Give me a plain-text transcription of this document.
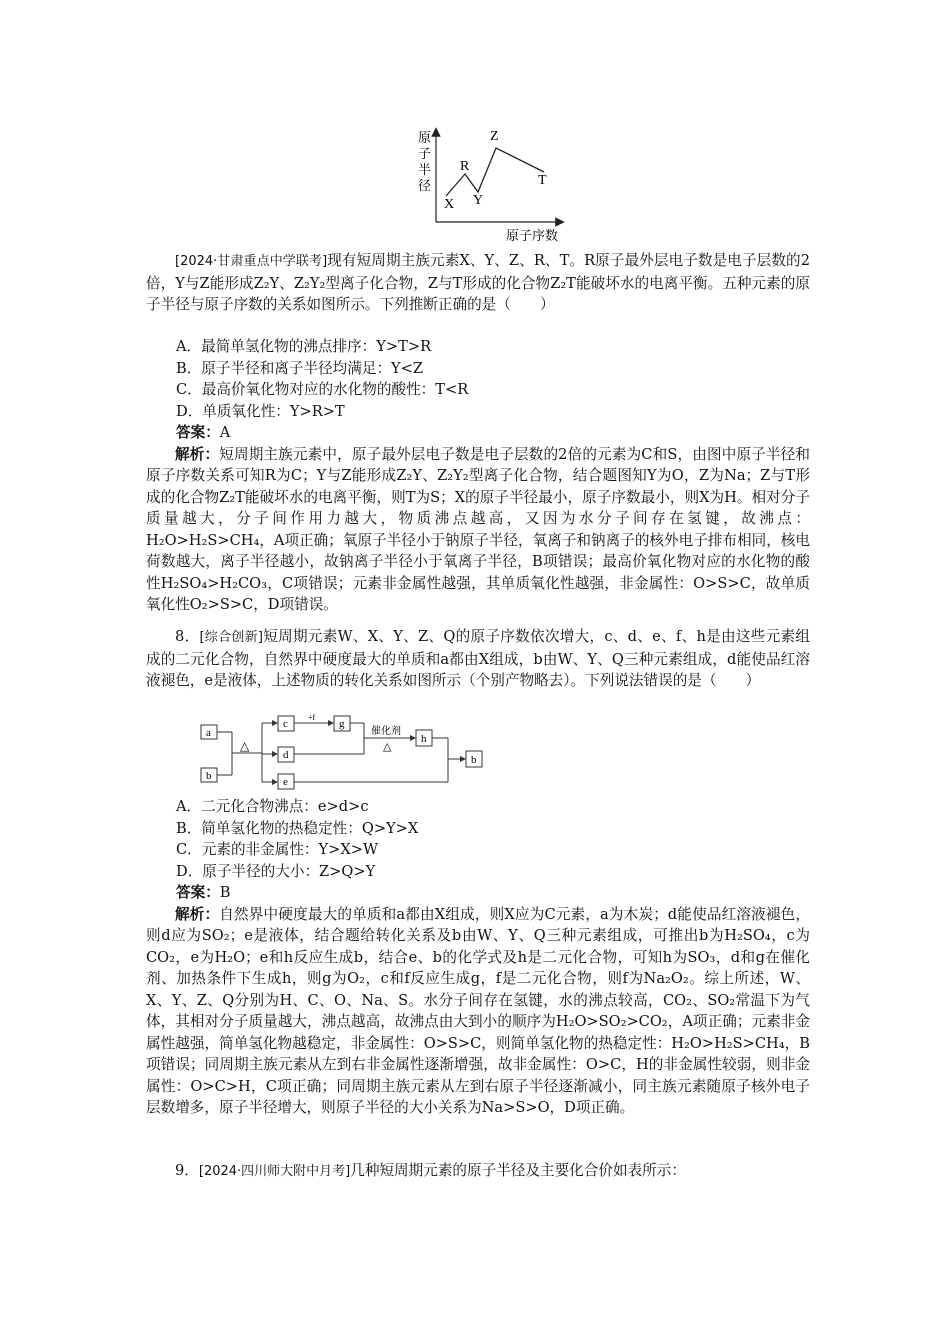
原
子
半
径
X
R
Y
Z
T
原子序数

[2024·甘肃重点中学联考]现有短周期主族元素X、Y、Z、R、T。R原子最外层电子数是电子层数的2倍，Y与Z能形成Z₂Y、Z₂Y₂型离子化合物，Z与T形成的化合物Z₂T能破坏水的电离平衡。五种元素的原子半径与原子序数的关系如图所示。下列推断正确的是（　　）

A．最简单氢化物的沸点排序：Y>T>R

B．原子半径和离子半径均满足：Y<Z

C．最高价氧化物对应的水化物的酸性：T<R

D．单质氧化性：Y>R>T

答案：A

解析：短周期主族元素中，原子最外层电子数是电子层数的2倍的元素为C和S，由图中原子半径和原子序数关系可知R为C；Y与Z能形成Z₂Y、Z₂Y₂型离子化合物，结合题图知Y为O，Z为Na；Z与T形成的化合物Z₂T能破坏水的电离平衡，则T为S；X的原子半径最小，原子序数最小，则X为H。相对分子质量越大，分子间作用力越大，物质沸点越高，又因为水分子间存在氢键，故沸点：H₂O>H₂S>CH₄，A项正确；氧原子半径小于钠原子半径，氧离子和钠离子的核外电子排布相同，核电荷数越大，离子半径越小，故钠离子半径小于氧离子半径，B项错误；最高价氧化物对应的水化物的酸性H₂SO₄>H₂CO₃，C项错误；元素非金属性越强，其单质氧化性越强，非金属性：O>S>C，故单质氧化性O₂>S>C，D项错误。

8．[综合创新]短周期元素W、X、Y、Z、Q的原子序数依次增大，c、d、e、f、h是由这些元素组成的二元化合物，自然界中硬度最大的单质和a都由X组成，b由W、Y、Q三种元素组成，d能使品红溶液褪色，e是液体，上述物质的转化关系如图所示（个别产物略去）。下列说法错误的是（　　）

A．二元化合物沸点：e>d>c

B．简单氢化物的热稳定性：Q>Y>X

C．元素的非金属性：Y>X>W

D．原子半径的大小：Z>Q>Y

答案：B

解析：自然界中硬度最大的单质和a都由X组成，则X应为C元素，a为木炭；d能使品红溶液褪色，则d应为SO₂；e是液体，结合题给转化关系及b由W、Y、Q三种元素组成，可推出b为H₂SO₄，c为CO₂，e为H₂O；e和h反应生成b，结合e、b的化学式及h是二元化合物，可知h为SO₃，d和g在催化剂、加热条件下生成h，则g为O₂，c和f反应生成g，f是二元化合物，则f为Na₂O₂。综上所述，W、X、Y、Z、Q分别为H、C、O、Na、S。水分子间存在氢键，水的沸点较高，CO₂、SO₂常温下为气体，其相对分子质量越大，沸点越高，故沸点由大到小的顺序为H₂O>SO₂>CO₂，A项正确；元素非金属性越强，简单氢化物越稳定，非金属性：O>S>C，则简单氢化物的热稳定性：H₂O>H₂S>CH₄，B项错误；同周期主族元素从左到右非金属性逐渐增强，故非金属性：O>C，H的非金属性较弱，则非金属性：O>C>H，C项正确；同周期主族元素从左到右原子半径逐渐减小，同主族元素随原子核外电子层数增多，原子半径增大，则原子半径的大小关系为Na>S>O，D项正确。

9．[2024·四川师大附中月考]几种短周期元素的原子半径及主要化合价如表所示：

△
+f
催化剂
△
a
b
c
d
e
g
h
b
